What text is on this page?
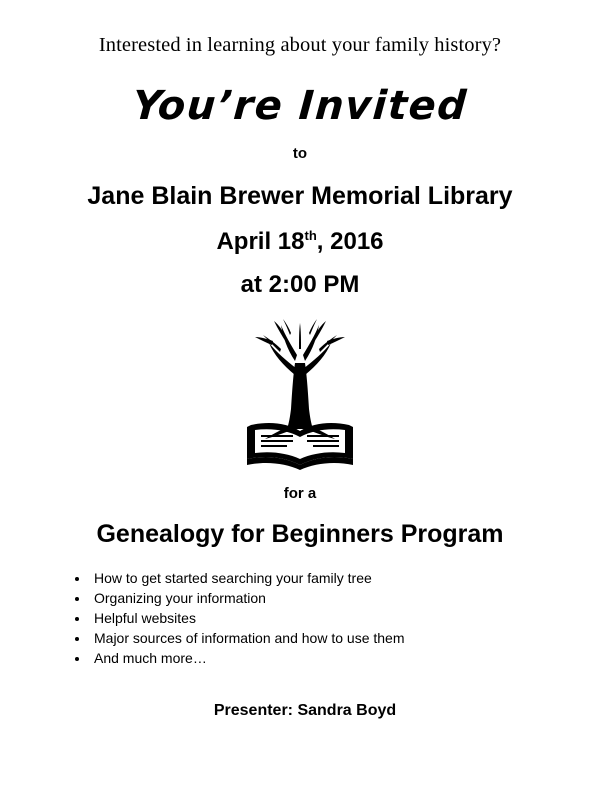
Interested in learning about your family history?
You’re Invited
to
Jane Blain Brewer Memorial Library
April 18th, 2016
at 2:00 PM
for a
Genealogy for Beginners Program
• How to get started searching your family tree
• Organizing your information
• Helpful websites
• Major sources of information and how to use them
• And much more…
Presenter: Sandra Boyd
